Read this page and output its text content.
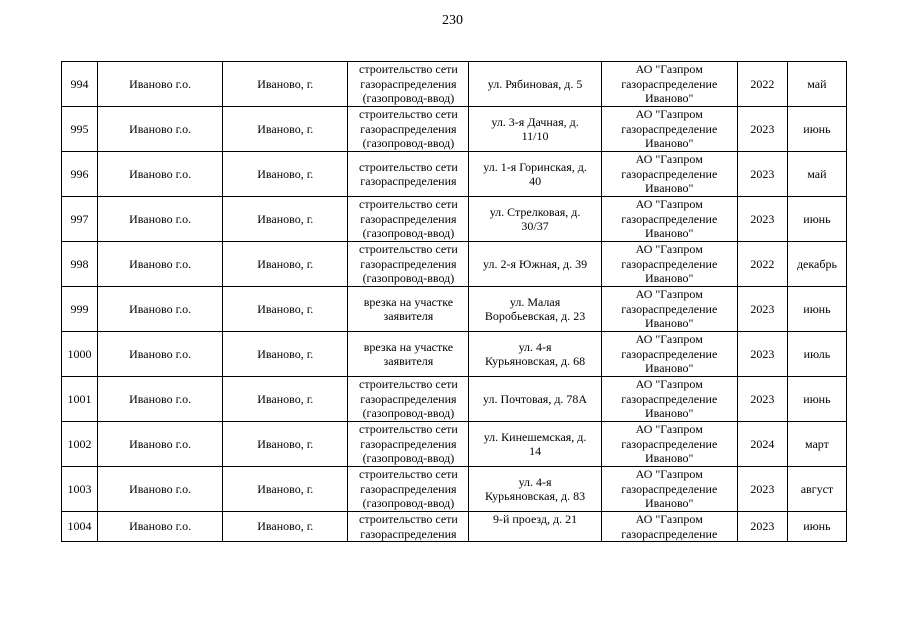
230
994	Иваново г.о.	Иваново, г.	строительство сети
газораспределения
(газопровод-ввод)	ул. Рябиновая, д. 5	АО "Газпром
газораспределение
Иваново"	2022	май
995	Иваново г.о.	Иваново, г.	строительство сети
газораспределения
(газопровод-ввод)	ул. 3-я Дачная, д.
11/10	АО "Газпром
газораспределение
Иваново"	2023	июнь
996	Иваново г.о.	Иваново, г.	строительство сети
газораспределения	ул. 1-я Горинская, д.
40	АО "Газпром
газораспределение
Иваново"	2023	май
997	Иваново г.о.	Иваново, г.	строительство сети
газораспределения
(газопровод-ввод)	ул. Стрелковая, д.
30/37	АО "Газпром
газораспределение
Иваново"	2023	июнь
998	Иваново г.о.	Иваново, г.	строительство сети
газораспределения
(газопровод-ввод)	ул. 2-я Южная, д. 39	АО "Газпром
газораспределение
Иваново"	2022	декабрь
999	Иваново г.о.	Иваново, г.	врезка на участке
заявителя	ул. Малая
Воробьевская, д. 23	АО "Газпром
газораспределение
Иваново"	2023	июнь
1000	Иваново г.о.	Иваново, г.	врезка на участке
заявителя	ул. 4-я
Курьяновская, д. 68	АО "Газпром
газораспределение
Иваново"	2023	июль
1001	Иваново г.о.	Иваново, г.	строительство сети
газораспределения
(газопровод-ввод)	ул. Почтовая, д. 78А	АО "Газпром
газораспределение
Иваново"	2023	июнь
1002	Иваново г.о.	Иваново, г.	строительство сети
газораспределения
(газопровод-ввод)	ул. Кинешемская, д.
14	АО "Газпром
газораспределение
Иваново"	2024	март
1003	Иваново г.о.	Иваново, г.	строительство сети
газораспределения
(газопровод-ввод)	ул. 4-я
Курьяновская, д. 83	АО "Газпром
газораспределение
Иваново"	2023	август
1004	Иваново г.о.	Иваново, г.	строительство сети
газораспределения	9-й проезд, д. 21	АО "Газпром
газораспределение	2023	июнь
